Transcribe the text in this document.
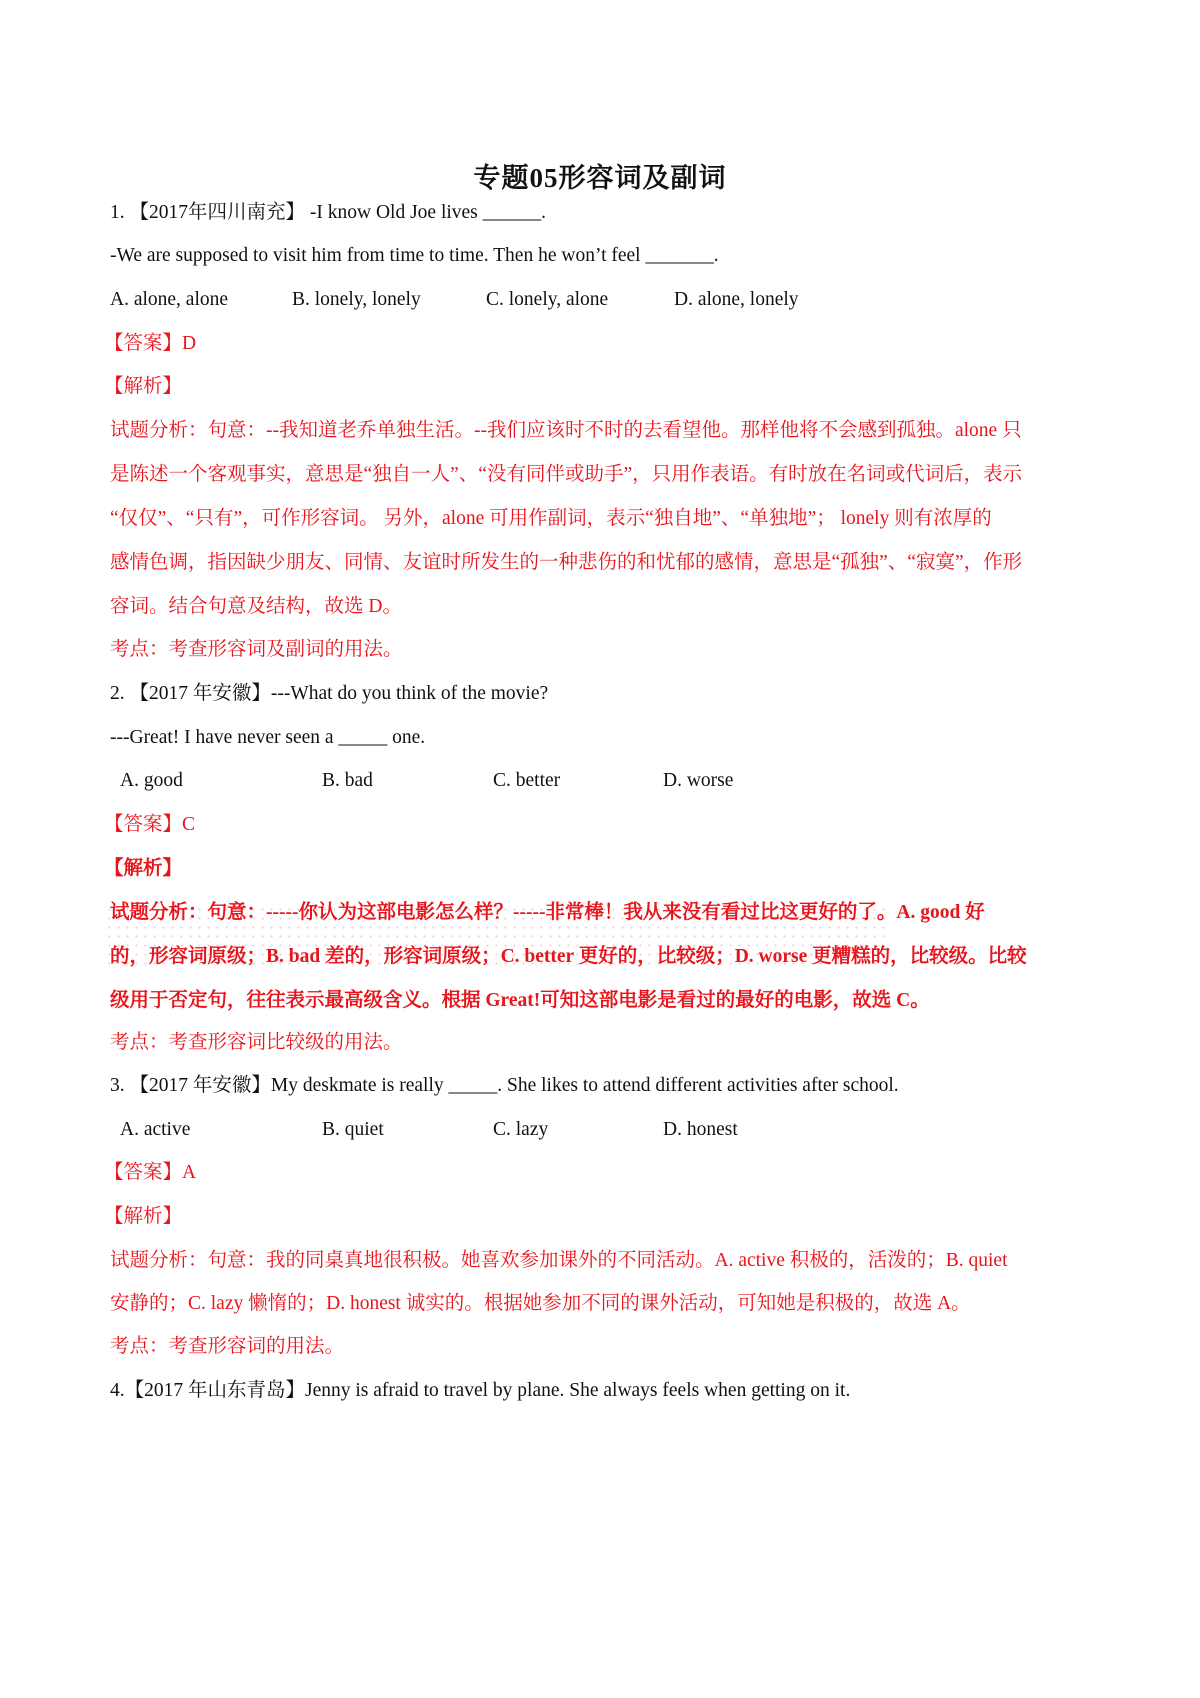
专题05形容词及副词
1. 【2017年四川南充】 -I know Old Joe lives ______.
-We are supposed to visit him from time to time. Then he won’t feel _______.
A. alone, alone	B. lonely, lonely	C. lonely, alone	D. alone, lonely
【答案】D
【解析】
试题分析：句意：--我知道老乔单独生活。--我们应该时不时的去看望他。那样他将不会感到孤独。alone 只
是陈述一个客观事实，意思是“独自一人”、“没有同伴或助手”，只用作表语。有时放在名词或代词后，表示
“仅仅”、“只有”，可作形容词。 另外，alone 可用作副词，表示“独自地”、“单独地”； lonely 则有浓厚的
感情色调，指因缺少朋友、同情、友谊时所发生的一种悲伤的和忧郁的感情，意思是“孤独”、“寂寞”，作形
容词。结合句意及结构，故选 D。
考点：考查形容词及副词的用法。
2. 【2017 年安徽】---What do you think of the movie?
---Great! I have never seen a _____ one.
A. good	B. bad	C. better	D. worse
【答案】C
【解析】
试题分析：句意：-----你认为这部电影怎么样？-----非常棒！我从来没有看过比这更好的了。A. good 好
的，形容词原级；B. bad 差的，形容词原级；C. better 更好的，比较级；D. worse 更糟糕的，比较级。比较
级用于否定句，往往表示最高级含义。根据 Great!可知这部电影是看过的最好的电影，故选 C。
考点：考查形容词比较级的用法。
3. 【2017 年安徽】My deskmate is really _____. She likes to attend different activities after school.
A. active	B. quiet	C. lazy	D. honest
【答案】A
【解析】
试题分析：句意：我的同桌真地很积极。她喜欢参加课外的不同活动。A. active 积极的，活泼的；B. quiet
安静的；C. lazy 懒惰的；D. honest 诚实的。根据她参加不同的课外活动，可知她是积极的，故选 A。
考点：考查形容词的用法。
4.【2017 年山东青岛】Jenny is afraid to travel by plane. She always feels when getting on it.
